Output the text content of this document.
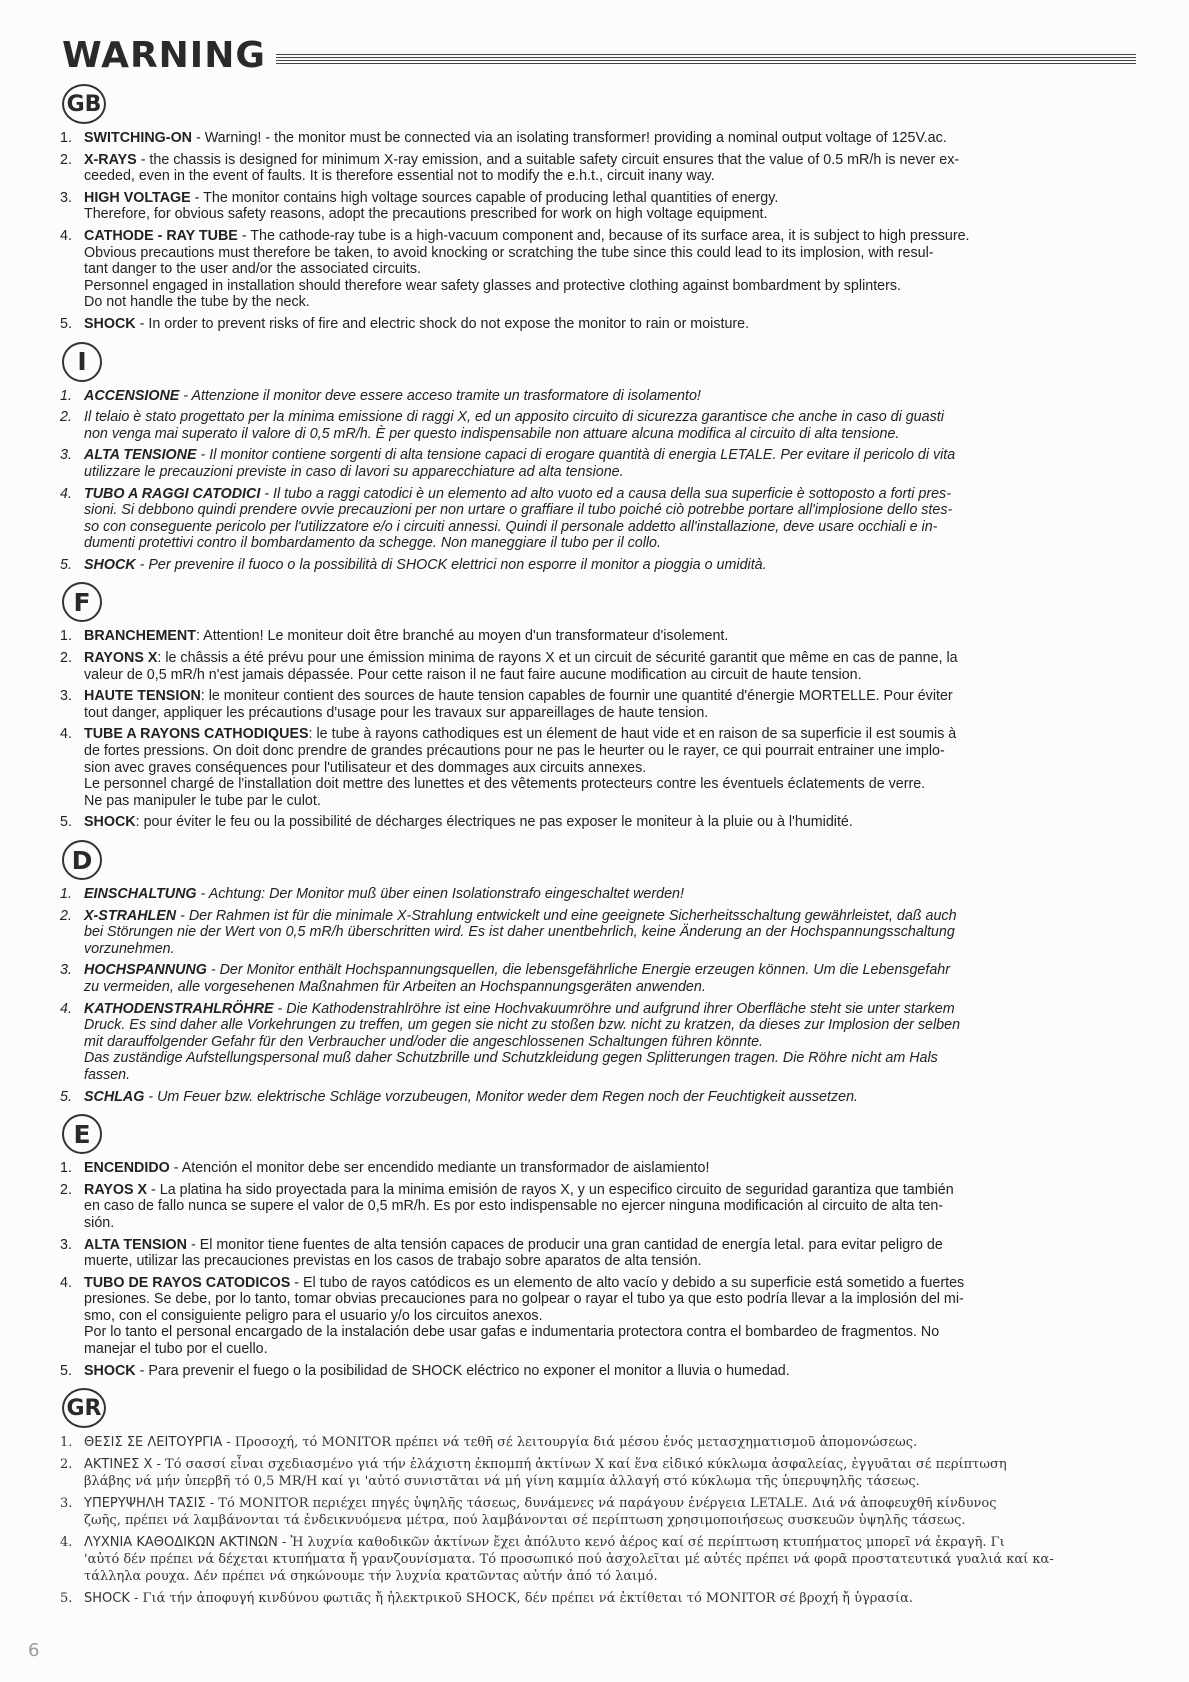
WARNING
GB
1. SWITCHING-ON - Warning! - the monitor must be connected via an isolating transformer! providing a nominal output voltage of 125V.ac.
2. X-RAYS - the chassis is designed for minimum X-ray emission, and a suitable safety circuit ensures that the value of 0.5 mR/h is never ex-
ceeded, even in the event of faults. It is therefore essential not to modify the e.h.t., circuit inany way.
3. HIGH VOLTAGE - The monitor contains high voltage sources capable of producing lethal quantities of energy.
Therefore, for obvious safety reasons, adopt the precautions prescribed for work on high voltage equipment.
4. CATHODE - RAY TUBE - The cathode-ray tube is a high-vacuum component and, because of its surface area, it is subject to high pressure.
Obvious precautions must therefore be taken, to avoid knocking or scratching the tube since this could lead to its implosion, with resul-
tant danger to the user and/or the associated circuits.
Personnel engaged in installation should therefore wear safety glasses and protective clothing against bombardment by splinters.
Do not handle the tube by the neck.
5. SHOCK - In order to prevent risks of fire and electric shock do not expose the monitor to rain or moisture.
I
1. ACCENSIONE - Attenzione il monitor deve essere acceso tramite un trasformatore di isolamento!
2. Il telaio è stato progettato per la minima emissione di raggi X, ed un apposito circuito di sicurezza garantisce che anche in caso di guasti
non venga mai superato il valore di 0,5 mR/h. È per questo indispensabile non attuare alcuna modifica al circuito di alta tensione.
3. ALTA TENSIONE - Il monitor contiene sorgenti di alta tensione capaci di erogare quantità di energia LETALE. Per evitare il pericolo di vita
utilizzare le precauzioni previste in caso di lavori su apparecchiature ad alta tensione.
4. TUBO A RAGGI CATODICI - Il tubo a raggi catodici è un elemento ad alto vuoto ed a causa della sua superficie è sottoposto a forti pres-
sioni. Si debbono quindi prendere ovvie precauzioni per non urtare o graffiare il tubo poiché ciò potrebbe portare all'implosione dello stes-
so con conseguente pericolo per l'utilizzatore e/o i circuiti annessi. Quindi il personale addetto all'installazione, deve usare occhiali e in-
dumenti protettivi contro il bombardamento da schegge. Non maneggiare il tubo per il collo.
5. SHOCK - Per prevenire il fuoco o la possibilità di SHOCK elettrici non esporre il monitor a pioggia o umidità.
F
1. BRANCHEMENT: Attention! Le moniteur doit être branché au moyen d'un transformateur d'isolement.
2. RAYONS X: le châssis a été prévu pour une émission minima de rayons X et un circuit de sécurité garantit que même en cas de panne, la
valeur de 0,5 mR/h n'est jamais dépassée. Pour cette raison il ne faut faire aucune modification au circuit de haute tension.
3. HAUTE TENSION: le moniteur contient des sources de haute tension capables de fournir une quantité d'énergie MORTELLE. Pour éviter
tout danger, appliquer les précautions d'usage pour les travaux sur appareillages de haute tension.
4. TUBE A RAYONS CATHODIQUES: le tube à rayons cathodiques est un élement de haut vide et en raison de sa superficie il est soumis à
de fortes pressions. On doit donc prendre de grandes précautions pour ne pas le heurter ou le rayer, ce qui pourrait entrainer une implo-
sion avec graves conséquences pour l'utilisateur et des dommages aux circuits annexes.
Le personnel chargé de l'installation doit mettre des lunettes et des vêtements protecteurs contre les éventuels éclatements de verre.
Ne pas manipuler le tube par le culot.
5. SHOCK: pour éviter le feu ou la possibilité de décharges électriques ne pas exposer le moniteur à la pluie ou à l'humidité.
D
1. EINSCHALTUNG - Achtung: Der Monitor muß über einen Isolationstrafo eingeschaltet werden!
2. X-STRAHLEN - Der Rahmen ist für die minimale X-Strahlung entwickelt und eine geeignete Sicherheitsschaltung gewährleistet, daß auch
bei Störungen nie der Wert von 0,5 mR/h überschritten wird. Es ist daher unentbehrlich, keine Änderung an der Hochspannungsschaltung
vorzunehmen.
3. HOCHSPANNUNG - Der Monitor enthält Hochspannungsquellen, die lebensgefährliche Energie erzeugen können. Um die Lebensgefahr
zu vermeiden, alle vorgesehenen Maßnahmen für Arbeiten an Hochspannungsgeräten anwenden.
4. KATHODENSTRAHLRÖHRE - Die Kathodenstrahlröhre ist eine Hochvakuumröhre und aufgrund ihrer Oberfläche steht sie unter starkem
Druck. Es sind daher alle Vorkehrungen zu treffen, um gegen sie nicht zu stoßen bzw. nicht zu kratzen, da dieses zur Implosion der selben
mit darauffolgender Gefahr für den Verbraucher und/oder die angeschlossenen Schaltungen führen könnte.
Das zuständige Aufstellungspersonal muß daher Schutzbrille und Schutzkleidung gegen Splitterungen tragen. Die Röhre nicht am Hals
fassen.
5. SCHLAG - Um Feuer bzw. elektrische Schläge vorzubeugen, Monitor weder dem Regen noch der Feuchtigkeit aussetzen.
E
1. ENCENDIDO - Atención el monitor debe ser encendido mediante un transformador de aislamiento!
2. RAYOS X - La platina ha sido proyectada para la minima emisión de rayos X, y un especifico circuito de seguridad garantiza que también
en caso de fallo nunca se supere el valor de 0,5 mR/h. Es por esto indispensable no ejercer ninguna modificación al circuito de alta ten-
sión.
3. ALTA TENSION - El monitor tiene fuentes de alta tensión capaces de producir una gran cantidad de energía letal. para evitar peligro de
muerte, utilizar las precauciones previstas en los casos de trabajo sobre aparatos de alta tensión.
4. TUBO DE RAYOS CATODICOS - El tubo de rayos catódicos es un elemento de alto vacío y debido a su superficie está sometido a fuertes
presiones. Se debe, por lo tanto, tomar obvias precauciones para no golpear o rayar el tubo ya que esto podría llevar a la implosión del mi-
smo, con el consiguiente peligro para el usuario y/o los circuitos anexos.
Por lo tanto el personal encargado de la instalación debe usar gafas e indumentaria protectora contra el bombardeo de fragmentos. No
manejar el tubo por el cuello.
5. SHOCK - Para prevenir el fuego o la posibilidad de SHOCK eléctrico no exponer el monitor a lluvia o humedad.
GR
1. ΘΕΣΙΣ ΣΕ ΛΕΙΤΟΥΡΓΙΑ - Προσοχή, τό MONITOR πρέπει νά τεθῆ σέ λειτουργία διά μέσου ἑνός μετασχηματισμοῦ ἀπομονώσεως.
2. ΑΚΤΙΝΕΣ Χ - Τό σασσί εἶναι σχεδιασμένο γιά τήν ἐλάχιστη ἐκπομπή ἀκτίνων Χ καί ἕνα εἰδικό κύκλωμα ἀσφαλείας, ἐγγυᾶται σέ περίπτωση
βλάβης νά μήν ὑπερβῆ τό 0,5 MR/H καί γι 'αὐτό συνιστᾶται νά μή γίνη καμμία ἀλλαγή στό κύκλωμα τῆς ὑπερυψηλῆς τάσεως.
3. ΥΠΕΡΥΨΗΛΗ ΤΑΣΙΣ - Τό MONITOR περιέχει πηγές ὑψηλῆς τάσεως, δυνάμενες νά παράγουν ἐνέργεια LETALE. Διά νά ἀποφευχθῆ κίνδυνος
ζωῆς, πρέπει νά λαμβάνονται τά ἐνδεικνυόμενα μέτρα, πού λαμβάνονται σέ περίπτωση χρησιμοποιήσεως συσκευῶν ὑψηλῆς τάσεως.
4. ΛΥΧΝΙΑ ΚΑΘΟΔΙΚΩΝ ΑΚΤΙΝΩΝ - Ἡ λυχνία καθοδικῶν ἀκτίνων ἔχει ἀπόλυτο κενό ἀέρος καί σέ περίπτωση κτυπήματος μπορεῖ νά ἐκραγῆ. Γι
'αὐτό δέν πρέπει νά δέχεται κτυπήματα ἤ γρανζουνίσματα. Τό προσωπικό πού ἀσχολεῖται μέ αὐτές πρέπει νά φορᾶ προστατευτικά γυαλιά καί κα-
τάλληλα ρουχα. Δέν πρέπει νά σηκώνουμε τήν λυχνία κρατῶντας αὐτήν ἀπό τό λαιμό.
5. SHOCK - Γιά τήν ἀποφυγή κινδύνου φωτιᾶς ἤ ἠλεκτρικοῦ SHOCK, δέν πρέπει νά ἐκτίθεται τό MONITOR σέ βροχή ἤ ὑγρασία.
6
